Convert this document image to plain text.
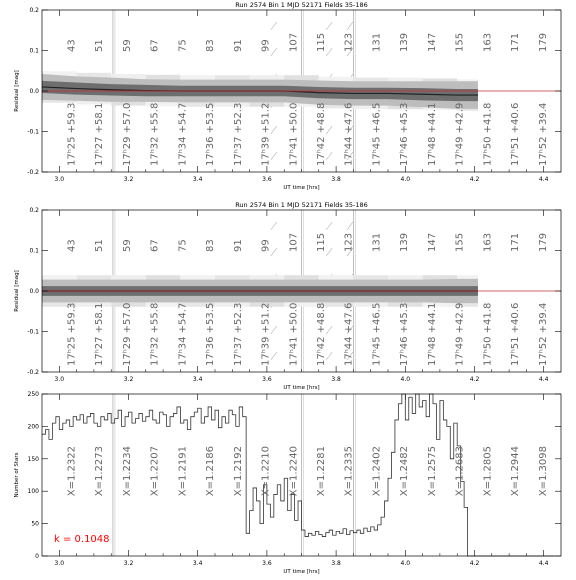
Run 2574 Bin 1 MJD 52171 Fields 35-186
43 51 59 67 75 83 91 99 107 115 123 131 139 147 155 163 171 179
17ʰ25 +59.3 17ʰ27 +58.1 17ʰ29 +57.0 17ʰ32 +55.8 17ʰ34 +54.7 17ʰ36 +53.5 17ʰ37 +52.3 17ʰ39 +51.2 17ʰ41 +50.0 17ʰ42 +48.8 17ʰ44 +47.6 17ʰ45 +46.5 17ʰ46 +45.3 17ʰ48 +44.1 17ʰ49 +42.9 17ʰ50 +41.8 17ʰ51 +40.6 17ʰ52 +39.4
3.0	3.2	3.4	3.6	3.8	4.0	4.2	4.4
UT time [hrs]
-0.2
-0.1
0.0
0.1
0.2
Residual [mag]
Run 2574 Bin 1 MJD 52171 Fields 35-186
43 51 59 67 75 83 91 99 107 115 123 131 139 147 155 163 171 179
17ʰ25 +59.3 17ʰ27 +58.1 17ʰ29 +57.0 17ʰ32 +55.8 17ʰ34 +54.7 17ʰ36 +53.5 17ʰ37 +52.3 17ʰ39 +51.2 17ʰ41 +50.0 17ʰ42 +48.8 17ʰ44 +47.6 17ʰ45 +46.5 17ʰ46 +45.3 17ʰ48 +44.1 17ʰ49 +42.9 17ʰ50 +41.8 17ʰ51 +40.6 17ʰ52 +39.4
3.0	3.2	3.4	3.6	3.8	4.0	4.2	4.4
UT time [hrs]
-0.2
-0.1
0.0
0.1
0.2
Residual [mag]
X=1.2322 X=1.2273 X=1.2234 X=1.2207 X=1.2191 X=1.2186 X=1.2192 X=1.2210 X=1.2240 X=1.2281 X=1.2335 X=1.2402 X=1.2482 X=1.2575 X=1.2683 X=1.2805 X=1.2944 X=1.3098
3.0	3.2	3.4	3.6	3.8	4.0	4.2	4.4
UT time [hrs]
0
50
100
150
200
250
Number of Stars
k = 0.1048
